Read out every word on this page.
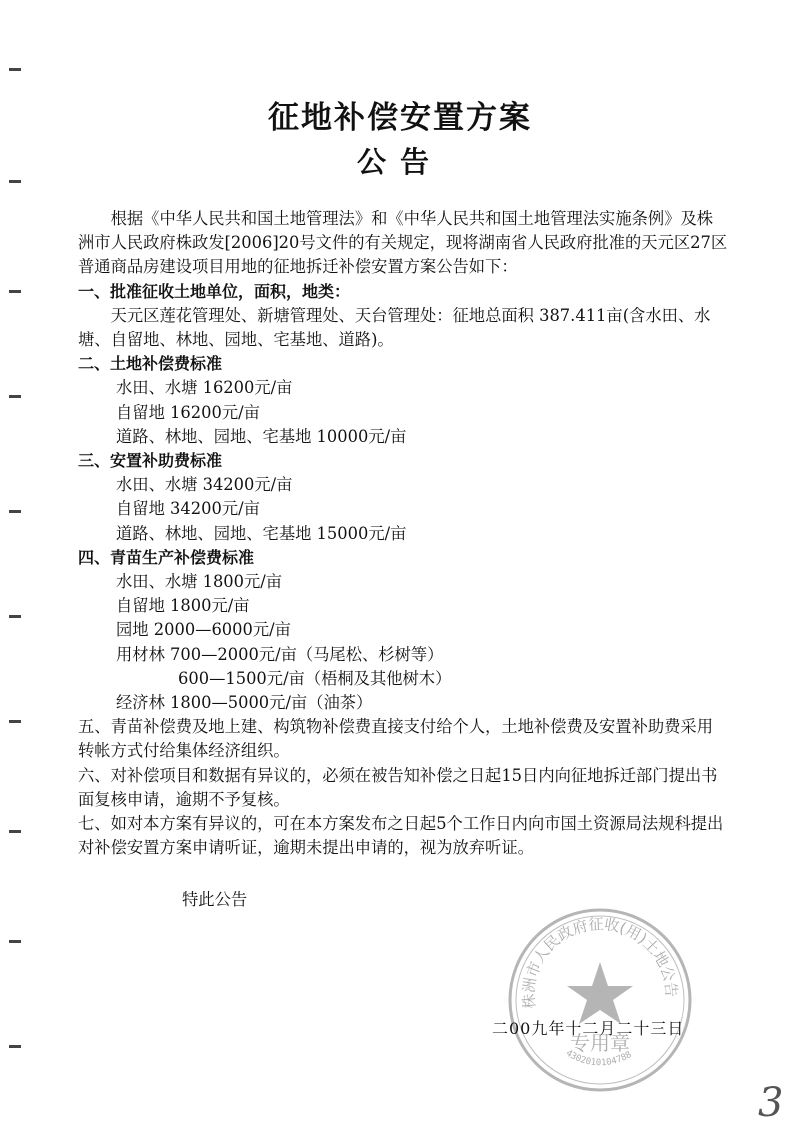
征地补偿安置方案
公告

根据《中华人民共和国土地管理法》和《中华人民共和国土地管理法实施条例》及株洲市人民政府株政发[2006]20号文件的有关规定，现将湖南省人民政府批准的天元区27区普通商品房建设项目用地的征地拆迁补偿安置方案公告如下：

一、批准征收土地单位，面积，地类：

天元区莲花管理处、新塘管理处、天台管理处：征地总面积 387.411亩(含水田、水塘、自留地、林地、园地、宅基地、道路)。

二、土地补偿费标准

水田、水塘 16200元/亩

自留地 16200元/亩

道路、林地、园地、宅基地 10000元/亩

三、安置补助费标准

水田、水塘 34200元/亩

自留地 34200元/亩

道路、林地、园地、宅基地 15000元/亩

四、青苗生产补偿费标准

水田、水塘 1800元/亩

自留地 1800元/亩

园地 2000—6000元/亩

用材林 700—2000元/亩（马尾松、杉树等）

600—1500元/亩（梧桐及其他树木）

经济林 1800—5000元/亩（油茶）

五、青苗补偿费及地上建、构筑物补偿费直接支付给个人，土地补偿费及安置补助费采用转帐方式付给集体经济组织。

六、对补偿项目和数据有异议的，必须在被告知补偿之日起15日内向征地拆迁部门提出书面复核申请，逾期不予复核。

七、如对本方案有异议的，可在本方案发布之日起5个工作日内向市国土资源局法规科提出对补偿安置方案申请听证，逾期未提出申请的，视为放弃听证。

特此公告

株洲市人民政府征收(用)土地公告
专用章
4302010104788
二00九年十二月二十三日
3
